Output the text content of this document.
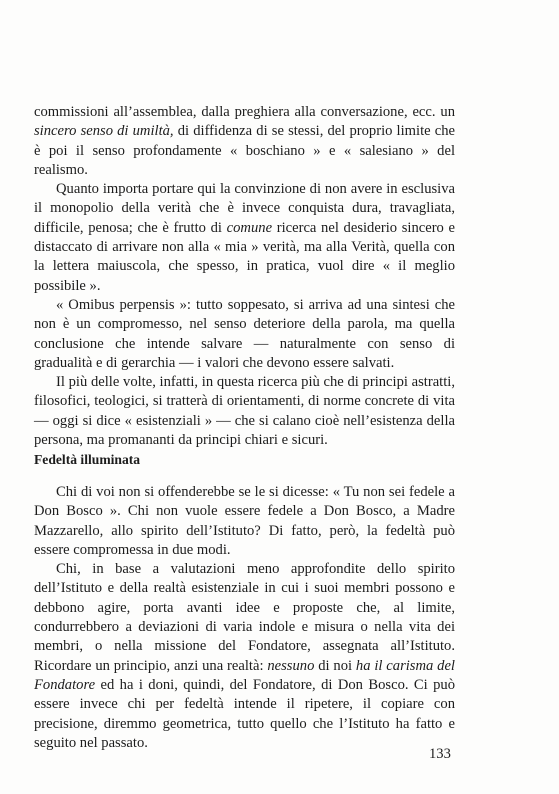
commissioni all’assemblea, dalla preghiera alla conversazione, ecc. un sincero senso di umiltà, di diffidenza di se stessi, del proprio limite che è poi il senso profondamente « boschiano » e « salesiano » del realismo.

Quanto importa portare qui la convinzione di non avere in esclusiva il monopolio della verità che è invece conquista dura, travagliata, difficile, penosa; che è frutto di comune ricerca nel desiderio sincero e distaccato di arrivare non alla « mia » verità, ma alla Verità, quella con la lettera maiuscola, che spesso, in pratica, vuol dire « il meglio possibile ».

« Omibus perpensis »: tutto soppesato, si arriva ad una sintesi che non è un compromesso, nel senso deteriore della parola, ma quella conclusione che intende salvare — naturalmente con senso di gradualità e di gerarchia — i valori che devono essere salvati.

Il più delle volte, infatti, in questa ricerca più che di principi astratti, filosofici, teologici, si tratterà di orientamenti, di norme concrete di vita — oggi si dice « esistenziali » — che si calano cioè nell’esistenza della persona, ma promananti da principi chiari e sicuri.

Fedeltà illuminata

Chi di voi non si offenderebbe se le si dicesse: « Tu non sei fedele a Don Bosco ». Chi non vuole essere fedele a Don Bosco, a Madre Mazzarello, allo spirito dell’Istituto? Di fatto, però, la fedeltà può essere compromessa in due modi.

Chi, in base a valutazioni meno approfondite dello spirito dell’Istituto e della realtà esistenziale in cui i suoi membri possono e debbono agire, porta avanti idee e proposte che, al limite, condurrebbero a deviazioni di varia indole e misura o nella vita dei membri, o nella missione del Fondatore, assegnata all’Istituto. Ricordare un principio, anzi una realtà: nessuno di noi ha il carisma del Fondatore ed ha i doni, quindi, del Fondatore, di Don Bosco. Ci può essere invece chi per fedeltà intende il ripetere, il copiare con precisione, diremmo geometrica, tutto quello che l’Istituto ha fatto e seguito nel passato.

133
